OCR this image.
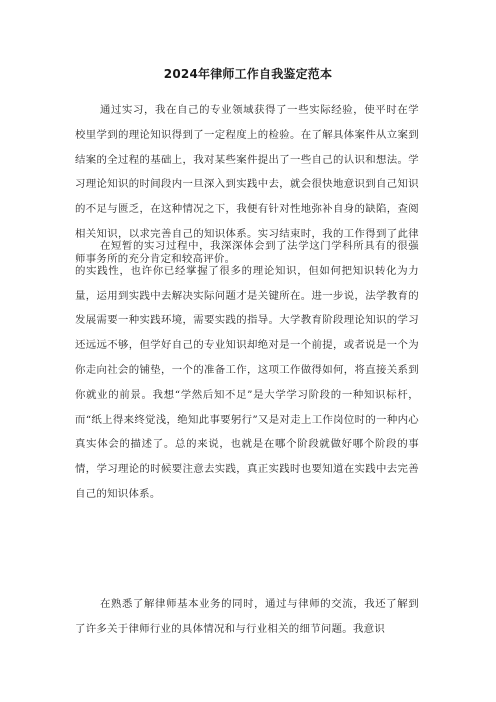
2024年律师工作自我鉴定范本

通过实习，我在自己的专业领域获得了一些实际经验，使平时在学校里学到的理论知识得到了一定程度上的检验。在了解具体案件从立案到结案的全过程的基础上，我对某些案件提出了一些自己的认识和想法。学习理论知识的时间段内一旦深入到实践中去，就会很快地意识到自己知识的不足与匮乏，在这种情况之下，我便有针对性地弥补自身的缺陷，查阅相关知识，以求完善自己的知识体系。实习结束时，我的工作得到了此律师事务所的充分肯定和较高评价。

在短暂的实习过程中，我深深体会到了法学这门学科所具有的很强的实践性，也许你已经掌握了很多的理论知识，但如何把知识转化为力量，运用到实践中去解决实际问题才是关键所在。进一步说，法学教育的发展需要一种实践环境，需要实践的指导。大学教育阶段理论知识的学习还远远不够，但学好自己的专业知识却绝对是一个前提，或者说是一个为你走向社会的铺垫，一个的准备工作，这项工作做得如何，将直接关系到你就业的前景。我想“学然后知不足”是大学学习阶段的一种知识标杆，而“纸上得来终觉浅，绝知此事要躬行”又是对走上工作岗位时的一种内心真实体会的描述了。总的来说，也就是在哪个阶段就做好哪个阶段的事情，学习理论的时候要注意去实践，真正实践时也要知道在实践中去完善自己的知识体系。

在熟悉了解律师基本业务的同时，通过与律师的交流，我还了解到了许多关于律师行业的具体情况和与行业相关的细节问题。我意识
